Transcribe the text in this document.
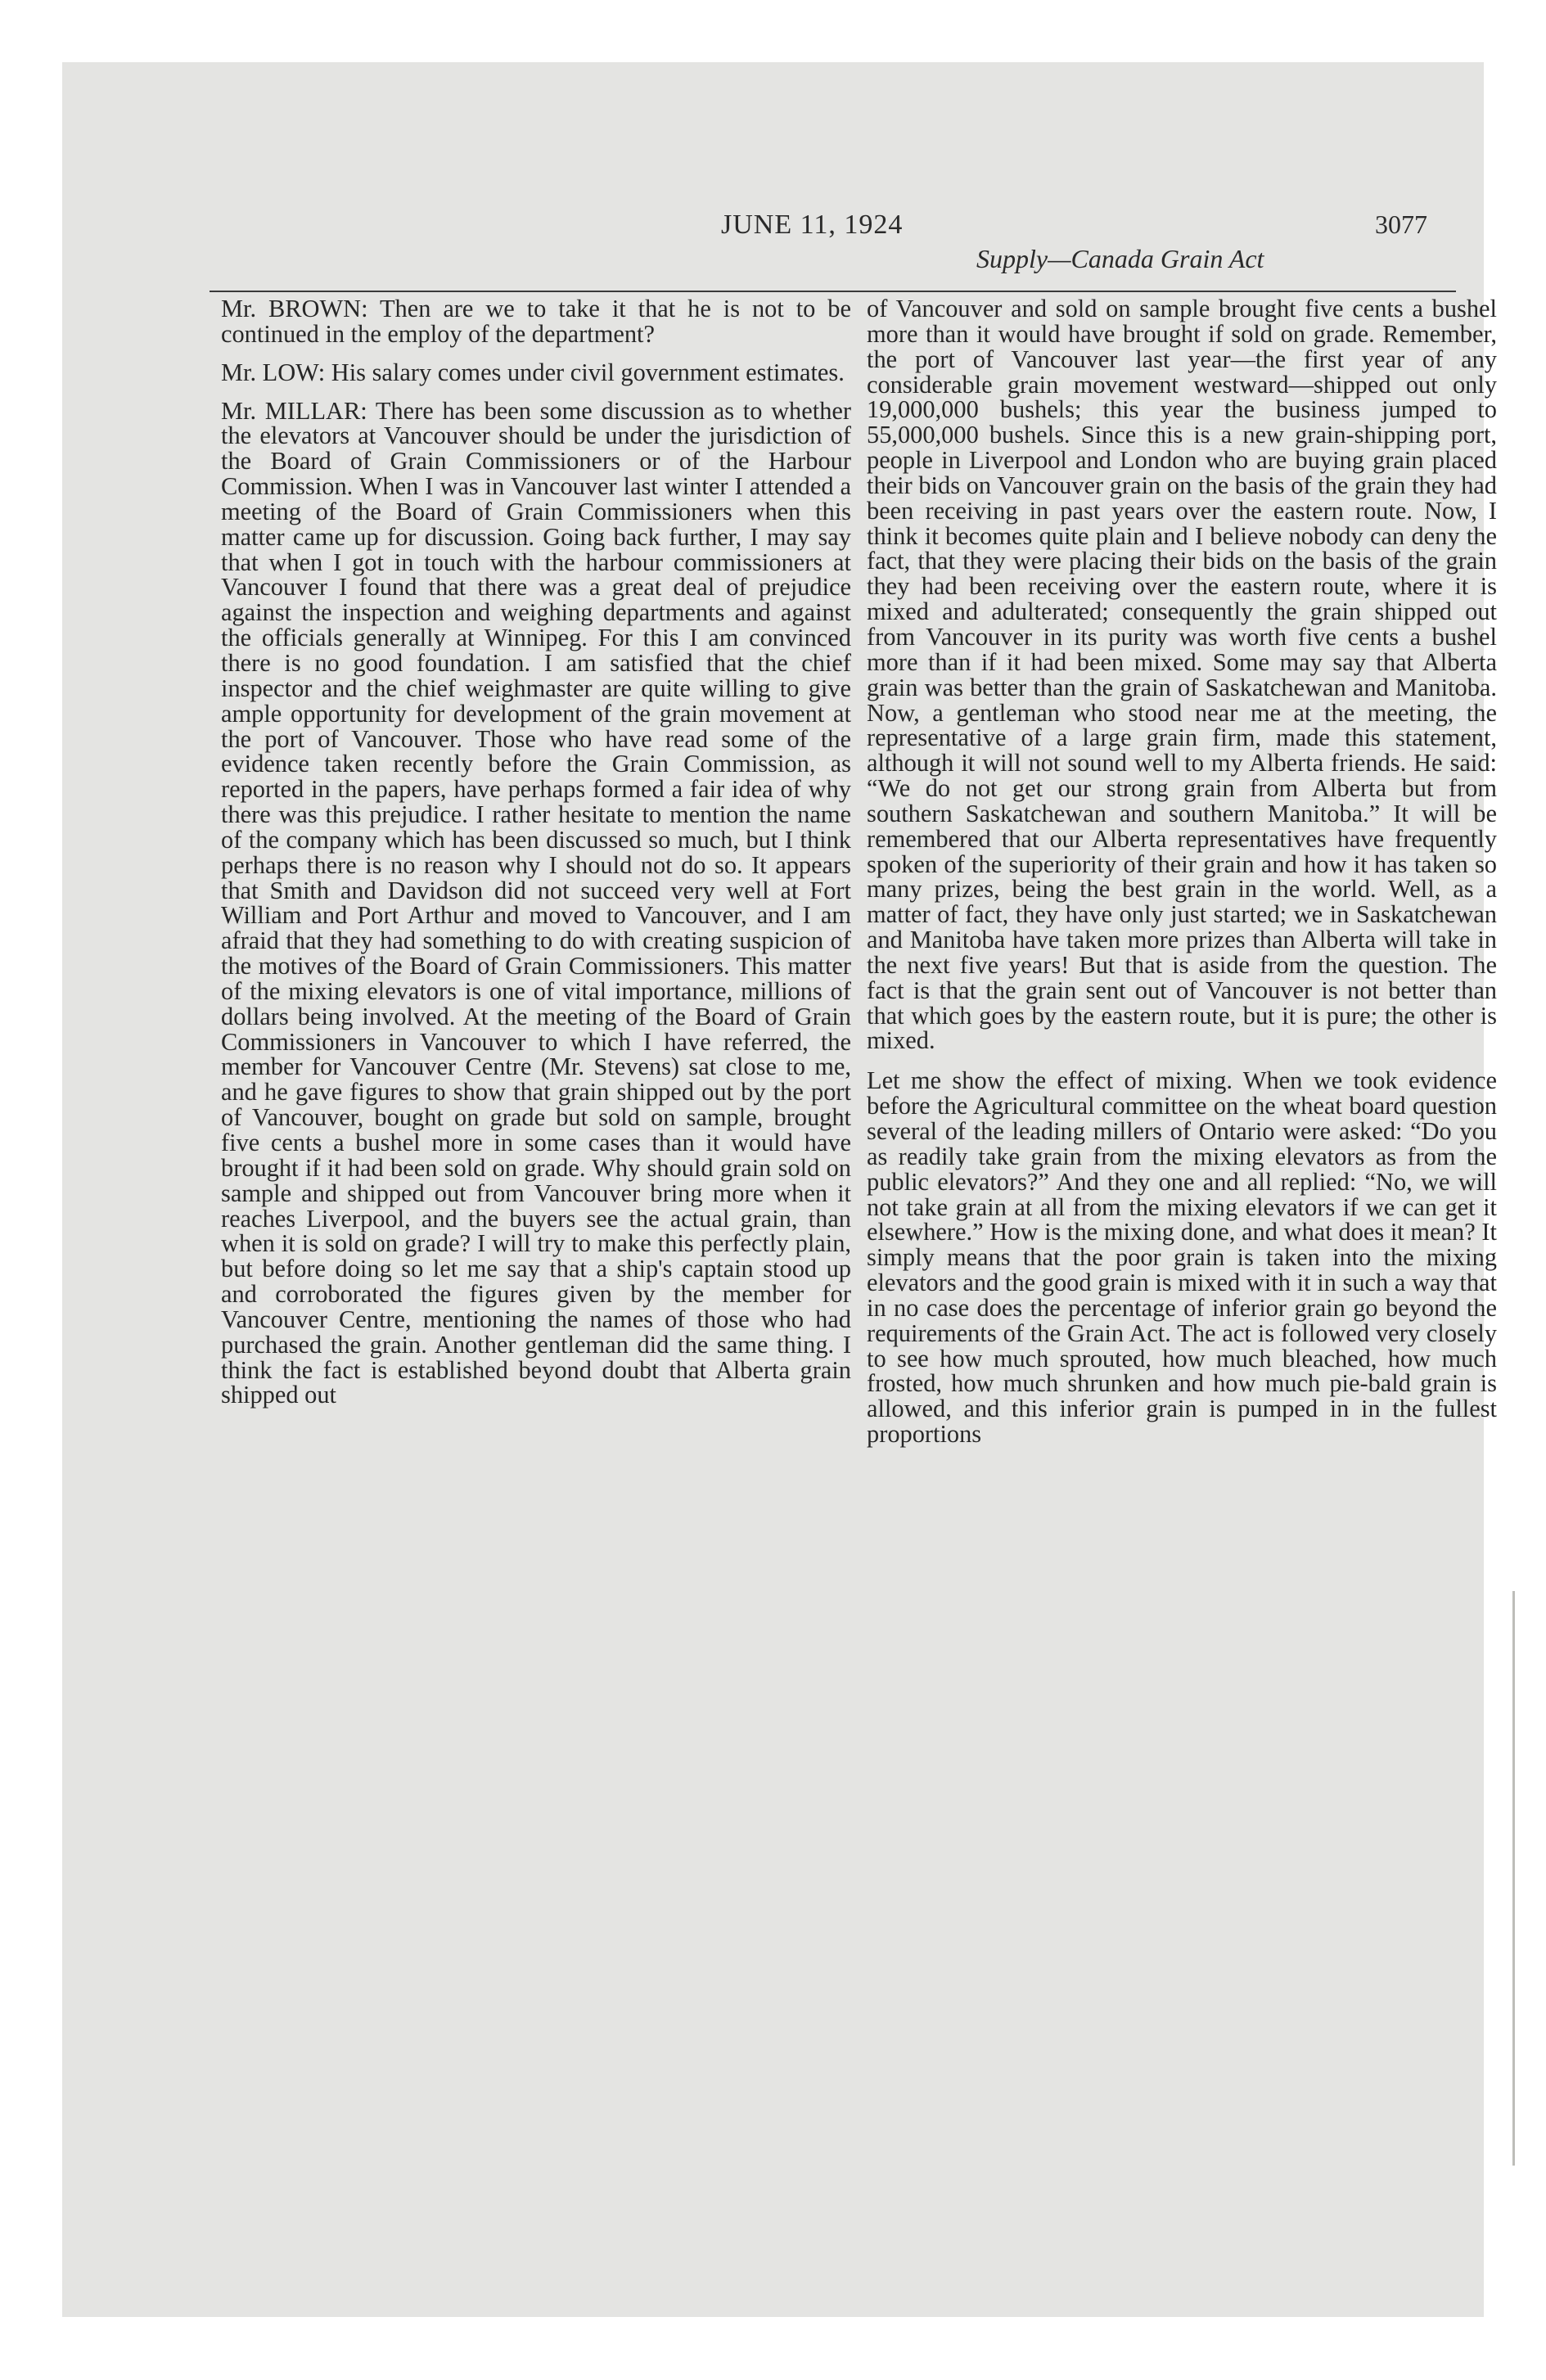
JUNE 11, 1924	3077
Supply—Canada Grain Act

Mr. BROWN: Then are we to take it that he is not to be continued in the employ of the department?

Mr. LOW: His salary comes under civil government estimates.

Mr. MILLAR: There has been some discussion as to whether the elevators at Vancouver should be under the jurisdiction of the Board of Grain Commissioners or of the Harbour Commission. When I was in Vancouver last winter I attended a meeting of the Board of Grain Commissioners when this matter came up for discussion. Going back further, I may say that when I got in touch with the harbour commissioners at Vancouver I found that there was a great deal of prejudice against the inspection and weighing departments and against the officials generally at Winnipeg. For this I am convinced there is no good foundation. I am satisfied that the chief inspector and the chief weighmaster are quite willing to give ample opportunity for development of the grain movement at the port of Vancouver. Those who have read some of the evidence taken recently before the Grain Commission, as reported in the papers, have perhaps formed a fair idea of why there was this prejudice. I rather hesitate to mention the name of the company which has been discussed so much, but I think perhaps there is no reason why I should not do so. It appears that Smith and Davidson did not succeed very well at Fort William and Port Arthur and moved to Vancouver, and I am afraid that they had something to do with creating suspicion of the motives of the Board of Grain Commissioners. This matter of the mixing elevators is one of vital importance, millions of dollars being involved. At the meeting of the Board of Grain Commissioners in Vancouver to which I have referred, the member for Vancouver Centre (Mr. Stevens) sat close to me, and he gave figures to show that grain shipped out by the port of Vancouver, bought on grade but sold on sample, brought five cents a bushel more in some cases than it would have brought if it had been sold on grade. Why should grain sold on sample and shipped out from Vancouver bring more when it reaches Liverpool, and the buyers see the actual grain, than when it is sold on grade? I will try to make this perfectly plain, but before doing so let me say that a ship's captain stood up and corroborated the figures given by the member for Vancouver Centre, mentioning the names of those who had purchased the grain. Another gentleman did the same thing. I think the fact is established beyond doubt that Alberta grain shipped out

of Vancouver and sold on sample brought five cents a bushel more than it would have brought if sold on grade. Remember, the port of Vancouver last year—the first year of any considerable grain movement westward—shipped out only 19,000,000 bushels; this year the business jumped to 55,000,000 bushels. Since this is a new grain-shipping port, people in Liverpool and London who are buying grain placed their bids on Vancouver grain on the basis of the grain they had been receiving in past years over the eastern route. Now, I think it becomes quite plain and I believe nobody can deny the fact, that they were placing their bids on the basis of the grain they had been receiving over the eastern route, where it is mixed and adulterated; consequently the grain shipped out from Vancouver in its purity was worth five cents a bushel more than if it had been mixed. Some may say that Alberta grain was better than the grain of Saskatchewan and Manitoba. Now, a gentleman who stood near me at the meeting, the representative of a large grain firm, made this statement, although it will not sound well to my Alberta friends. He said: “We do not get our strong grain from Alberta but from southern Saskatchewan and southern Manitoba.” It will be remembered that our Alberta representatives have frequently spoken of the superiority of their grain and how it has taken so many prizes, being the best grain in the world. Well, as a matter of fact, they have only just started; we in Saskatchewan and Manitoba have taken more prizes than Alberta will take in the next five years! But that is aside from the question. The fact is that the grain sent out of Vancouver is not better than that which goes by the eastern route, but it is pure; the other is mixed.

Let me show the effect of mixing. When we took evidence before the Agricultural committee on the wheat board question several of the leading millers of Ontario were asked: “Do you as readily take grain from the mixing elevators as from the public elevators?” And they one and all replied: “No, we will not take grain at all from the mixing elevators if we can get it elsewhere.” How is the mixing done, and what does it mean? It simply means that the poor grain is taken into the mixing elevators and the good grain is mixed with it in such a way that in no case does the percentage of inferior grain go beyond the requirements of the Grain Act. The act is followed very closely to see how much sprouted, how much bleached, how much frosted, how much shrunken and how much pie-bald grain is allowed, and this inferior grain is pumped in in the fullest proportions
